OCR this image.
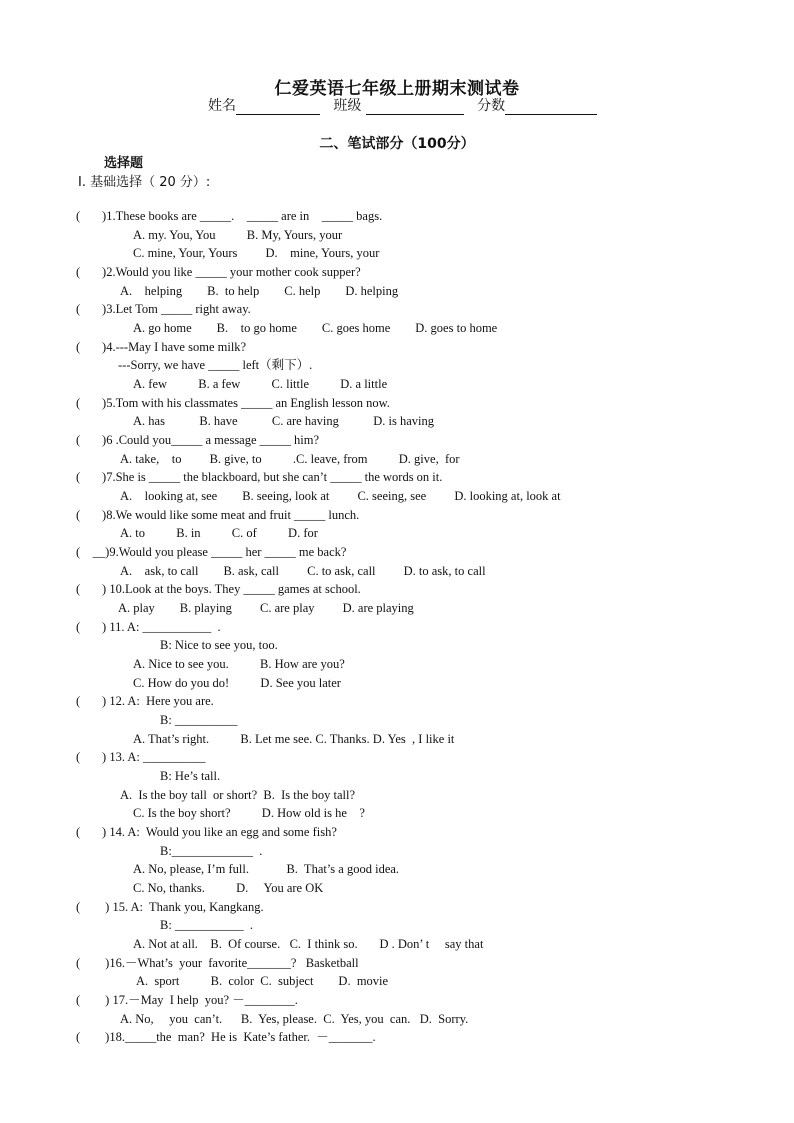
仁爱英语七年级上册期末测试卷
姓名	班级	分数
二、笔试部分（100分）
选择题
Ⅰ. 基础选择（ 20 分）:
(       )1.These books are _____.    _____ are in    _____ bags.
A. my. You, You          B. My, Yours, your
C. mine, Your, Yours         D.    mine, Yours, your
(       )2.Would you like _____ your mother cook supper?
A.    helping        B.  to help        C. help        D. helping
(       )3.Let Tom _____ right away.
A. go home        B.    to go home        C. goes home        D. goes to home
(       )4.---May I have some milk?
---Sorry, we have _____ left（剩下）.
A. few          B. a few          C. little          D. a little
(       )5.Tom with his classmates _____ an English lesson now.
A. has           B. have           C. are having           D. is having
(       )6 .Could you_____ a message _____ him?
A. take,    to         B. give, to          .C. leave, from          D. give,  for
(       )7.She is _____ the blackboard, but she can’t _____ the words on it.
A.    looking at, see        B. seeing, look at         C. seeing, see         D. looking at, look at
(       )8.We would like some meat and fruit _____ lunch.
A. to          B. in          C. of          D. for
(    __)9.Would you please _____ her _____ me back?
A.    ask, to call        B. ask, call         C. to ask, call         D. to ask, to call
(       ) 10.Look at the boys. They _____ games at school.
A. play        B. playing         C. are play         D. are playing
(       ) 11. A: ___________  .
B: Nice to see you, too.
A. Nice to see you.          B. How are you?
C. How do you do!          D. See you later
(       ) 12. A:  Here you are.
B: __________
A. That’s right.          B. Let me see. C. Thanks. D. Yes  , I like it
(       ) 13. A: __________
B: He’s tall.
A.  Is the boy tall  or short?  B.  Is the boy tall?
C. Is the boy short?          D. How old is he    ?
(       ) 14. A:  Would you like an egg and some fish?
B:_____________  .
A. No, please, I’m full.            B.  That’s a good idea.
C. No, thanks.          D.     You are OK
(        ) 15. A:  Thank you, Kangkang.
B: ___________  .
A. Not at all.    B.  Of course.   C.  I think so.       D . Don’ t     say that
(        )16.－What’s  your  favorite_______?   Basketball
A.  sport          B.  color  C.  subject        D.  movie
(        ) 17.－May  I help  you? －________.
A. No,     you  can’t.      B.  Yes, please.  C.  Yes, you  can.   D.  Sorry.
(        )18._____the  man?  He is  Kate’s father.  －_______.
